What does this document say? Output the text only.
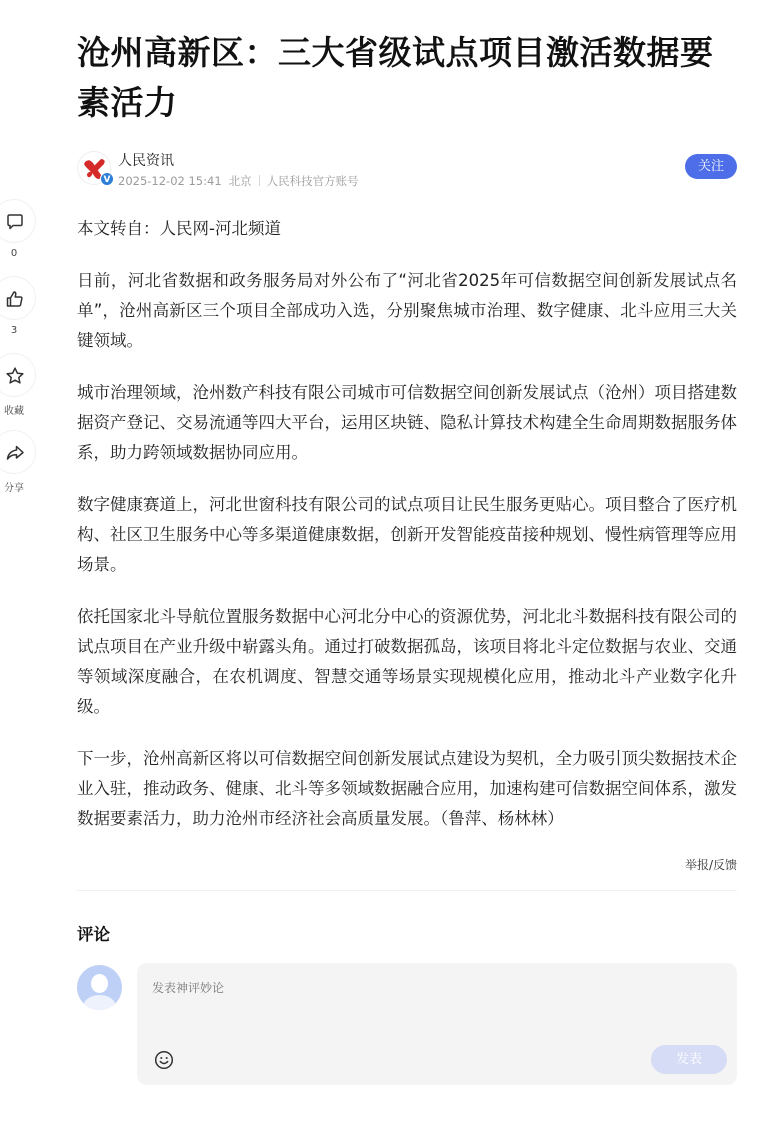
0
3
收藏
分享
沧州高新区：三大省级试点项目激活数据要素活力
V
人民资讯
2025-12-02 15:41 北京 人民科技官方账号
关注

本文转自：人民网-河北频道

日前，河北省数据和政务服务局对外公布了“河北省2025年可信数据空间创新发展试点名单”，沧州高新区三个项目全部成功入选，分别聚焦城市治理、数字健康、北斗应用三大关键领域。

城市治理领域，沧州数产科技有限公司城市可信数据空间创新发展试点（沧州）项目搭建数据资产登记、交易流通等四大平台，运用区块链、隐私计算技术构建全生命周期数据服务体系，助力跨领域数据协同应用。

数字健康赛道上，河北世窗科技有限公司的试点项目让民生服务更贴心。项目整合了医疗机构、社区卫生服务中心等多渠道健康数据，创新开发智能疫苗接种规划、慢性病管理等应用场景。

依托国家北斗导航位置服务数据中心河北分中心的资源优势，河北北斗数据科技有限公司的试点项目在产业升级中崭露头角。通过打破数据孤岛，该项目将北斗定位数据与农业、交通等领域深度融合，在农机调度、智慧交通等场景实现规模化应用，推动北斗产业数字化升级。

下一步，沧州高新区将以可信数据空间创新发展试点建设为契机，全力吸引顶尖数据技术企业入驻，推动政务、健康、北斗等多领域数据融合应用，加速构建可信数据空间体系，激发数据要素活力，助力沧州市经济社会高质量发展。（鲁萍、杨林林）

举报/反馈
评论
发表神评妙论
发表
